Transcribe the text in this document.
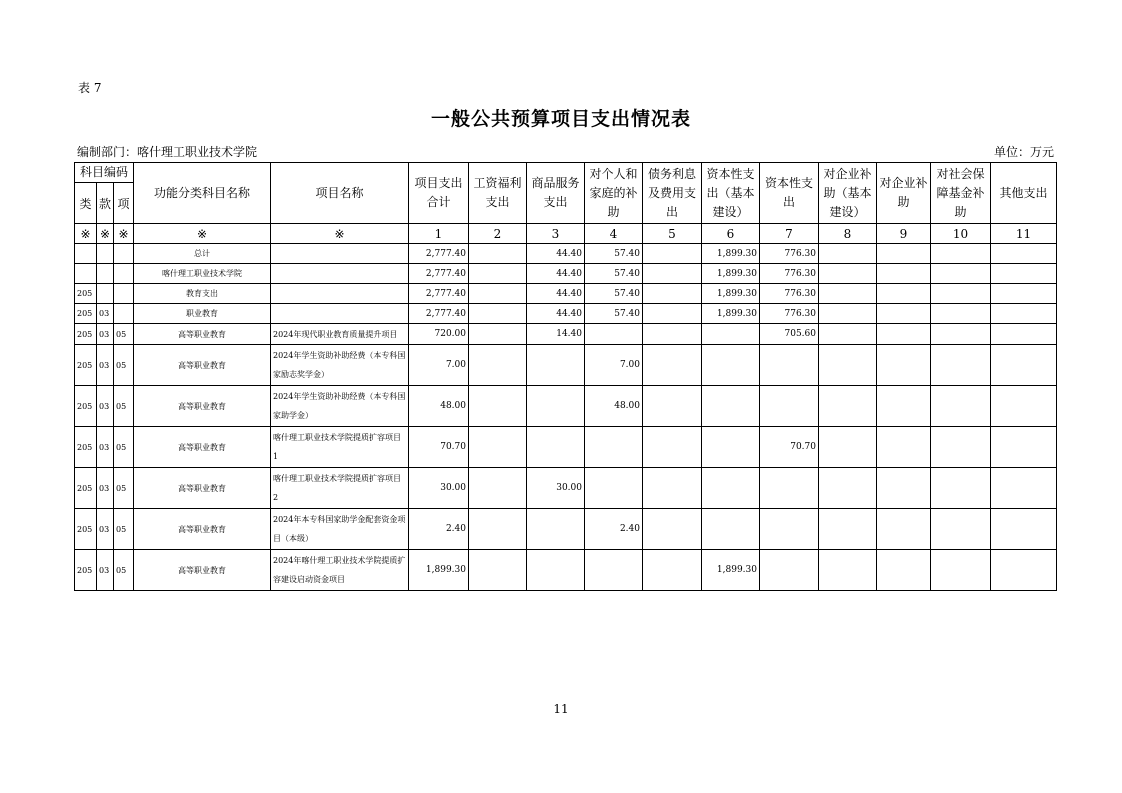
表 7
一般公共预算项目支出情况表
编制部门：喀什理工职业技术学院	单位：万元
科目编码			功能分类科目名称	项目名称	项目支出合计	工资福利支出	商品服务支出	对个人和家庭的补助	债务利息及费用支出	资本性支出（基本建设）	资本性支出	对企业补助（基本建设）	对企业补助	对社会保障基金补助	其他支出
类	款	项													
※	※	※	※	※	1	2	3	4	5	6	7	8	9	10	11
			总计		2,777.40		44.40	57.40		1,899.30	776.30				
			喀什理工职业技术学院		2,777.40		44.40	57.40		1,899.30	776.30				
205			教育支出		2,777.40		44.40	57.40		1,899.30	776.30				
205	03		职业教育		2,777.40		44.40	57.40		1,899.30	776.30				
205	03	05	高等职业教育	2024年现代职业教育质量提升项目	720.00		14.40				705.60				
205	03	05	高等职业教育	2024年学生资助补助经费（本专科国家励志奖学金）	7.00			7.00							
205	03	05	高等职业教育	2024年学生资助补助经费（本专科国家助学金）	48.00			48.00							
205	03	05	高等职业教育	喀什理工职业技术学院提质扩容项目1	70.70						70.70				
205	03	05	高等职业教育	喀什理工职业技术学院提质扩容项目2	30.00		30.00								
205	03	05	高等职业教育	2024年本专科国家助学金配套资金项目（本级）	2.40			2.40							
205	03	05	高等职业教育	2024年喀什理工职业技术学院提质扩容建设启动资金项目	1,899.30					1,899.30					
11
